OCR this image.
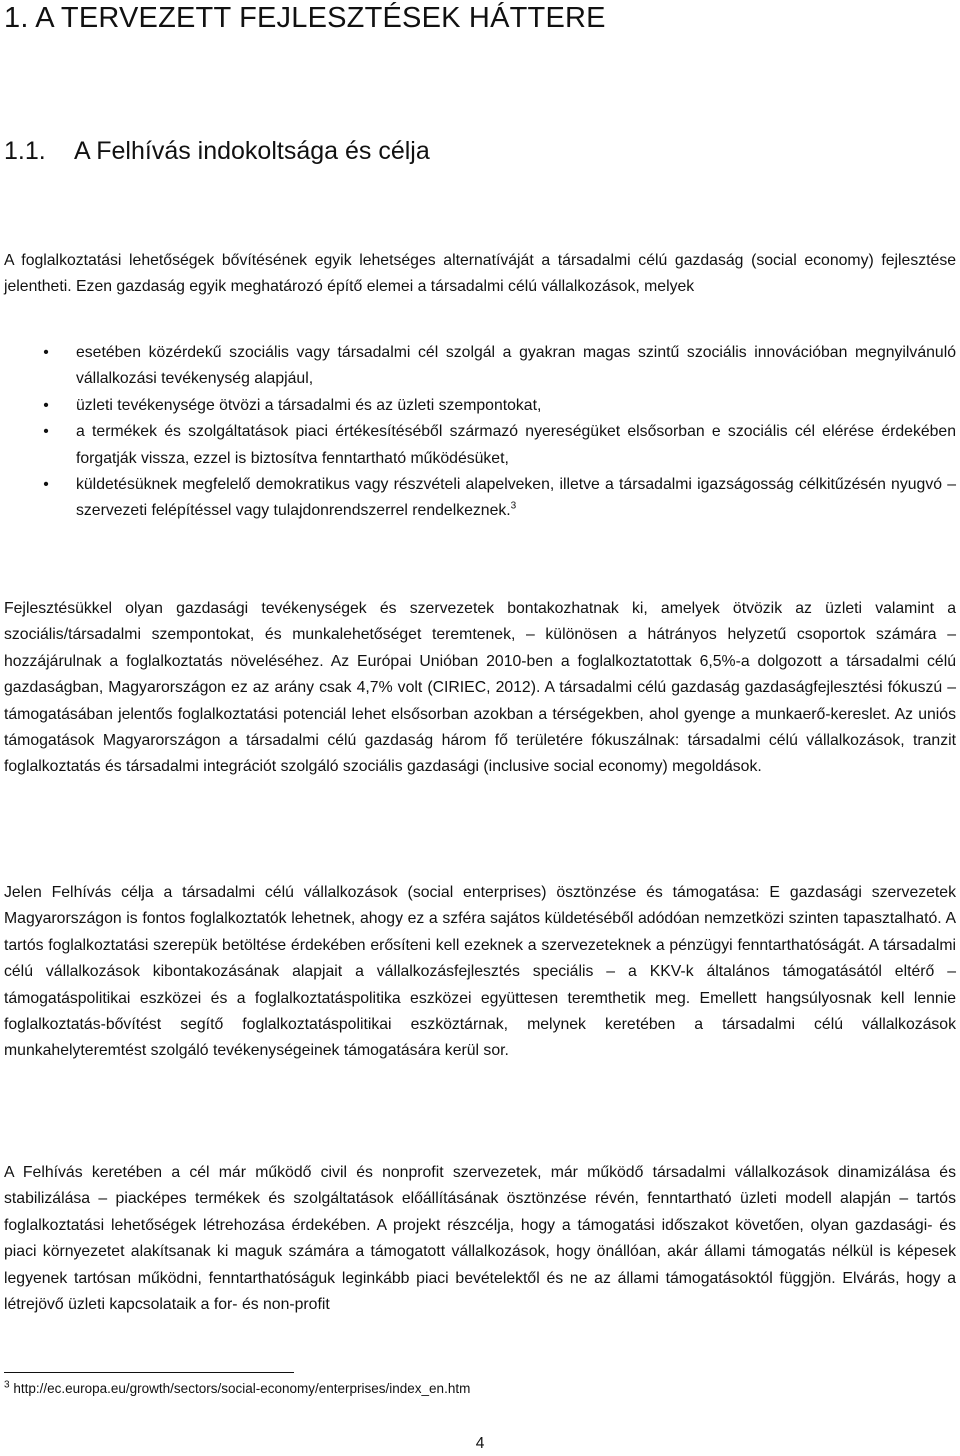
1. A TERVEZETT FEJLESZTÉSEK HÁTTERE
1.1. A Felhívás indokoltsága és célja
A foglalkoztatási lehetőségek bővítésének egyik lehetséges alternatíváját a társadalmi célú gazdaság (social economy) fejlesztése jelentheti. Ezen gazdaság egyik meghatározó építő elemei a társadalmi célú vállalkozások, melyek
• esetében közérdekű szociális vagy társadalmi cél szolgál a gyakran magas szintű szociális innovációban megnyilvánuló vállalkozási tevékenység alapjául,
• üzleti tevékenysége ötvözi a társadalmi és az üzleti szempontokat,
• a termékek és szolgáltatások piaci értékesítéséből származó nyereségüket elsősorban e szociális cél elérése érdekében forgatják vissza, ezzel is biztosítva fenntartható működésüket,
• küldetésüknek megfelelő demokratikus vagy részvételi alapelveken, illetve a társadalmi igazságosság célkitűzésén nyugvó – szervezeti felépítéssel vagy tulajdonrendszerrel rendelkeznek.$^3$
Fejlesztésükkel olyan gazdasági tevékenységek és szervezetek bontakozhatnak ki, amelyek ötvözik az üzleti valamint a szociális/társadalmi szempontokat, és munkalehetőséget teremtenek, – különösen a hátrányos helyzetű csoportok számára – hozzájárulnak a foglalkoztatás növeléséhez. Az Európai Unióban 2010-ben a foglalkoztatottak 6,5%-a dolgozott a társadalmi célú gazdaságban, Magyarországon ez az arány csak 4,7% volt (CIRIEC, 2012). A társadalmi célú gazdaság gazdaságfejlesztési fókuszú – támogatásában jelentős foglalkoztatási potenciál lehet elsősorban azokban a térségekben, ahol gyenge a munkaerő-kereslet. Az uniós támogatások Magyarországon a társadalmi célú gazdaság három fő területére fókuszálnak: társadalmi célú vállalkozások, tranzit foglalkoztatás és társadalmi integrációt szolgáló szociális gazdasági (inclusive social economy) megoldások.
Jelen Felhívás célja a társadalmi célú vállalkozások (social enterprises) ösztönzése és támogatása: E gazdasági szervezetek Magyarországon is fontos foglalkoztatók lehetnek, ahogy ez a szféra sajátos küldetéséből adódóan nemzetközi szinten tapasztalható. A tartós foglalkoztatási szerepük betöltése érdekében erősíteni kell ezeknek a szervezeteknek a pénzügyi fenntarthatóságát. A társadalmi célú vállalkozások kibontakozásának alapjait a vállalkozásfejlesztés speciális – a KKV-k általános támogatásától eltérő – támogatáspolitikai eszközei és a foglalkoztatáspolitika eszközei együttesen teremthetik meg. Emellett hangsúlyosnak kell lennie foglalkoztatás-bővítést segítő foglalkoztatáspolitikai eszköztárnak, melynek keretében a társadalmi célú vállalkozások munkahelyteremtést szolgáló tevékenységeinek támogatására kerül sor.
A Felhívás keretében a cél már működő civil és nonprofit szervezetek, már működő társadalmi vállalkozások dinamizálása és stabilizálása – piacképes termékek és szolgáltatások előállításának ösztönzése révén, fenntartható üzleti modell alapján – tartós foglalkoztatási lehetőségek létrehozása érdekében. A projekt részcélja, hogy a támogatási időszakot követően, olyan gazdasági- és piaci környezetet alakítsanak ki maguk számára a támogatott vállalkozások, hogy önállóan, akár állami támogatás nélkül is képesek legyenek tartósan működni, fenntarthatóságuk leginkább piaci bevételektől és ne az állami támogatásoktól függjön. Elvárás, hogy a létrejövő üzleti kapcsolataik a for- és non-profit
$^3$ http://ec.europa.eu/growth/sectors/social-economy/enterprises/index_en.htm
4
